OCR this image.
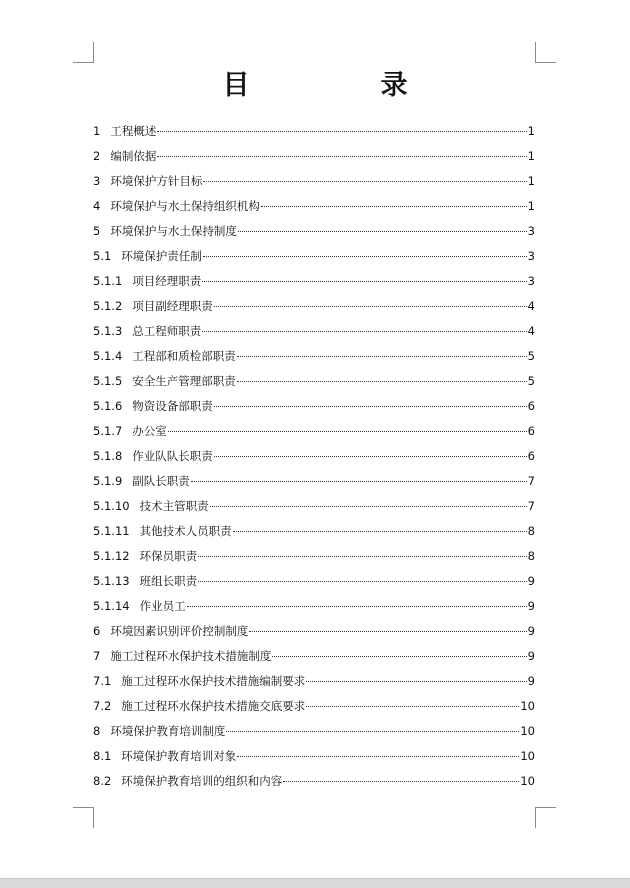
目　录
1 工程概述	1
2 编制依据	1
3 环境保护方针目标	1
4 环境保护与水土保持组织机构	1
5 环境保护与水土保持制度	3
5.1 环境保护责任制	3
5.1.1 项目经理职责	3
5.1.2 项目副经理职责	4
5.1.3 总工程师职责	4
5.1.4 工程部和质检部职责	5
5.1.5 安全生产管理部职责	5
5.1.6 物资设备部职责	6
5.1.7 办公室	6
5.1.8 作业队队长职责	6
5.1.9 副队长职责	7
5.1.10 技术主管职责	7
5.1.11 其他技术人员职责	8
5.1.12 环保员职责	8
5.1.13 班组长职责	9
5.1.14 作业员工	9
6 环境因素识别评价控制制度	9
7 施工过程环水保护技术措施制度	9
7.1 施工过程环水保护技术措施编制要求	9
7.2 施工过程环水保护技术措施交底要求	10
8 环境保护教育培训制度	10
8.1 环境保护教育培训对象	10
8.2 环境保护教育培训的组织和内容	10
